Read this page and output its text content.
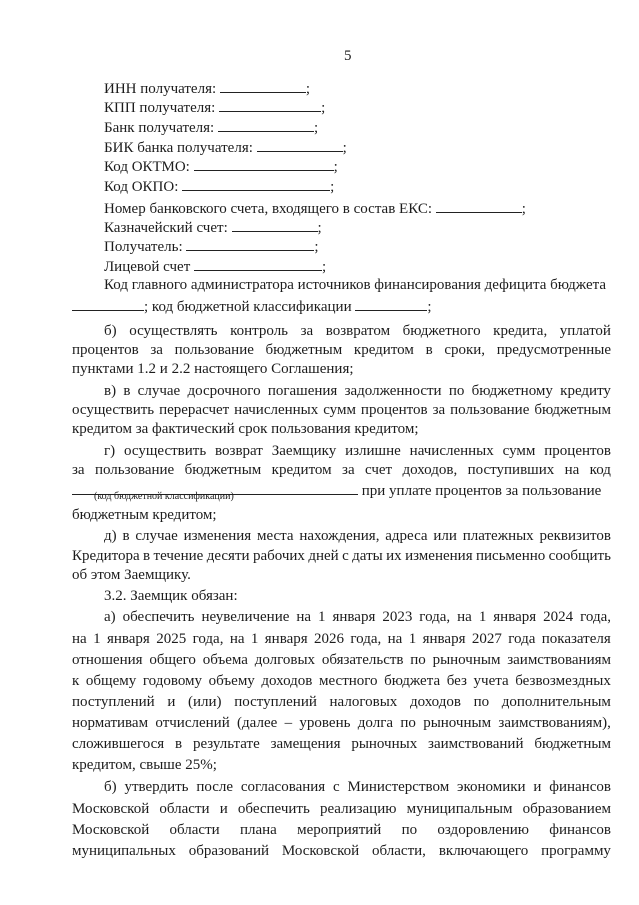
5
ИНН получателя:	;
КПП получателя:	;
Банк получателя:	;
БИК банка получателя:	;
Код ОКТМО:	;
Код ОКПО:	;
Номер банковского счета, входящего в состав ЕКС:	;
Казначейский счет:	;
Получатель:	;
Лицевой счет	;
Код главного администратора источников финансирования дефицита бюджета
; код бюджетной классификации	;
б) осуществлять контроль за возвратом бюджетного кредита, уплатой
процентов за пользование бюджетным кредитом в сроки, предусмотренные
пунктами 1.2 и 2.2 настоящего Соглашения;
в) в случае досрочного погашения задолженности по бюджетному кредиту
осуществить перерасчет начисленных сумм процентов за пользование бюджетным
кредитом за фактический срок пользования кредитом;
г) осуществить возврат Заемщику излишне начисленных сумм процентов
за пользование бюджетным кредитом за счет доходов, поступивших на код
при уплате процентов за пользование
(код бюджетной классификации)
бюджетным кредитом;
д) в случае изменения места нахождения, адреса или платежных реквизитов
Кредитора в течение десяти рабочих дней с даты их изменения письменно сообщить
об этом Заемщику.
3.2. Заемщик обязан:
а) обеспечить неувеличение на 1 января 2023 года, на 1 января 2024 года,
на 1 января 2025 года, на 1 января 2026 года, на 1 января 2027 года показателя
отношения общего объема долговых обязательств по рыночным заимствованиям
к общему годовому объему доходов местного бюджета без учета безвозмездных
поступлений и (или) поступлений налоговых доходов по дополнительным
нормативам отчислений (далее – уровень долга по рыночным заимствованиям),
сложившегося в результате замещения рыночных заимствований бюджетным
кредитом, свыше 25%;
б) утвердить после согласования с Министерством экономики и финансов
Московской области и обеспечить реализацию муниципальным образованием
Московской области плана мероприятий по оздоровлению финансов
муниципальных образований Московской области, включающего программу
